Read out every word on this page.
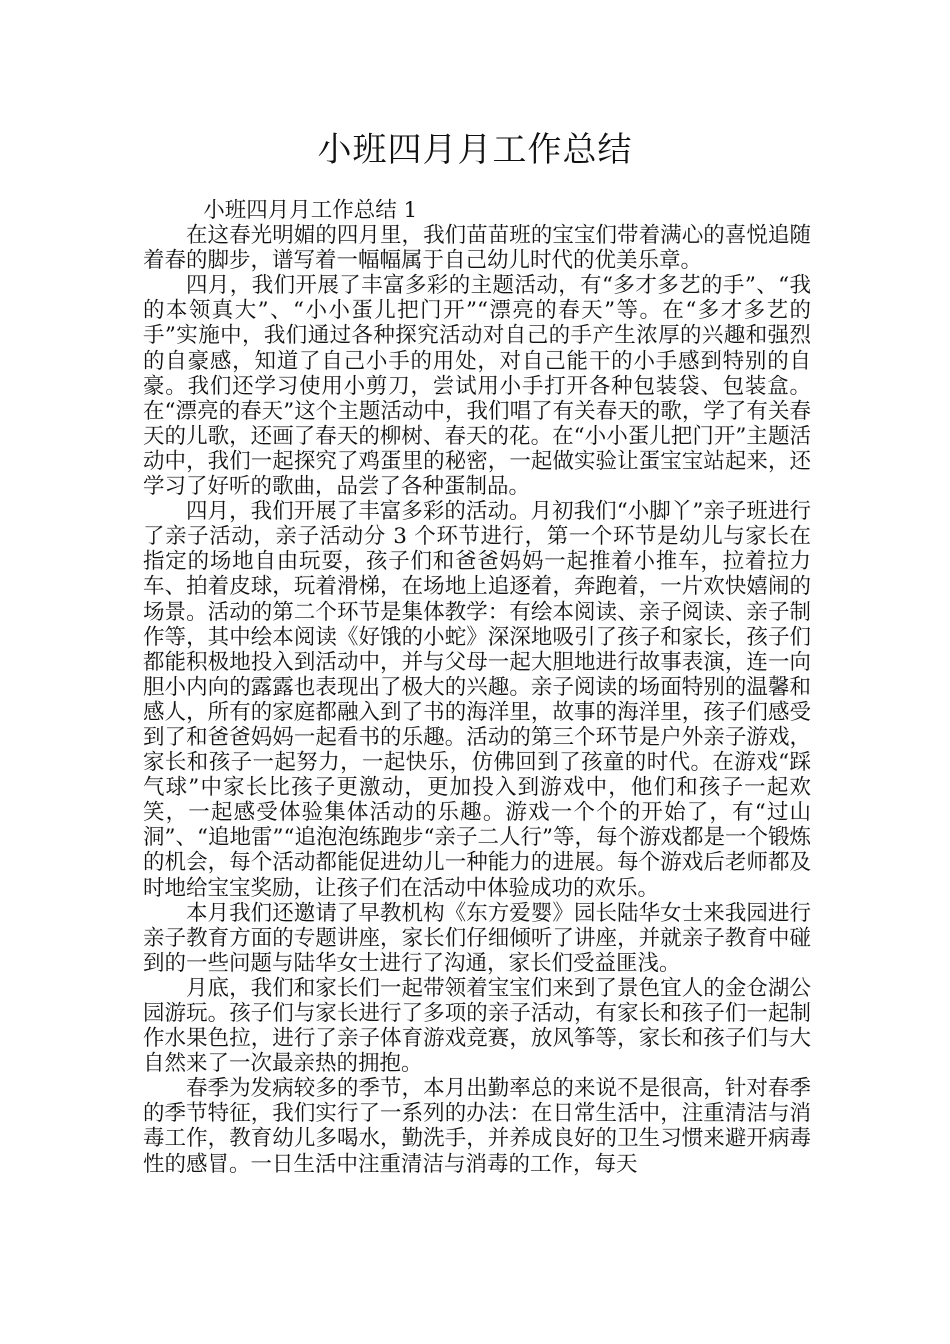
小班四月月工作总结

小班四月月工作总结 1

在这春光明媚的四月里，我们苗苗班的宝宝们带着满心的喜悦追随着春的脚步，谱写着一幅幅属于自己幼儿时代的优美乐章。

四月，我们开展了丰富多彩的主题活动，有“多才多艺的手”、“我的本领真大”、“小小蛋儿把门开”“漂亮的春天”等。在“多才多艺的手”实施中，我们通过各种探究活动对自己的手产生浓厚的兴趣和强烈的自豪感，知道了自己小手的用处，对自己能干的小手感到特别的自豪。我们还学习使用小剪刀，尝试用小手打开各种包装袋、包装盒。在“漂亮的春天”这个主题活动中，我们唱了有关春天的歌，学了有关春天的儿歌，还画了春天的柳树、春天的花。在“小小蛋儿把门开”主题活动中，我们一起探究了鸡蛋里的秘密，一起做实验让蛋宝宝站起来，还学习了好听的歌曲，品尝了各种蛋制品。

四月，我们开展了丰富多彩的活动。月初我们“小脚丫”亲子班进行了亲子活动，亲子活动分 3 个环节进行，第一个环节是幼儿与家长在指定的场地自由玩耍，孩子们和爸爸妈妈一起推着小推车，拉着拉力车、拍着皮球，玩着滑梯，在场地上追逐着，奔跑着，一片欢快嬉闹的场景。活动的第二个环节是集体教学：有绘本阅读、亲子阅读、亲子制作等，其中绘本阅读《好饿的小蛇》深深地吸引了孩子和家长，孩子们都能积极地投入到活动中，并与父母一起大胆地进行故事表演，连一向胆小内向的露露也表现出了极大的兴趣。亲子阅读的场面特别的温馨和感人，所有的家庭都融入到了书的海洋里，故事的海洋里，孩子们感受到了和爸爸妈妈一起看书的乐趣。活动的第三个环节是户外亲子游戏，家长和孩子一起努力，一起快乐，仿佛回到了孩童的时代。在游戏“踩气球”中家长比孩子更激动，更加投入到游戏中，他们和孩子一起欢笑，一起感受体验集体活动的乐趣。游戏一个个的开始了，有“过山洞”、“追地雷”“追泡泡练跑步“亲子二人行”等，每个游戏都是一个锻炼的机会，每个活动都能促进幼儿一种能力的进展。每个游戏后老师都及时地给宝宝奖励，让孩子们在活动中体验成功的欢乐。

本月我们还邀请了早教机构《东方爱婴》园长陆华女士来我园进行亲子教育方面的专题讲座，家长们仔细倾听了讲座，并就亲子教育中碰到的一些问题与陆华女士进行了沟通，家长们受益匪浅。

月底，我们和家长们一起带领着宝宝们来到了景色宜人的金仓湖公园游玩。孩子们与家长进行了多项的亲子活动，有家长和孩子们一起制作水果色拉，进行了亲子体育游戏竞赛，放风筝等，家长和孩子们与大自然来了一次最亲热的拥抱。

春季为发病较多的季节，本月出勤率总的来说不是很高，针对春季的季节特征，我们实行了一系列的办法：在日常生活中，注重清洁与消毒工作，教育幼儿多喝水，勤洗手，并养成良好的卫生习惯来避开病毒性的感冒。一日生活中注重清洁与消毒的工作，每天
